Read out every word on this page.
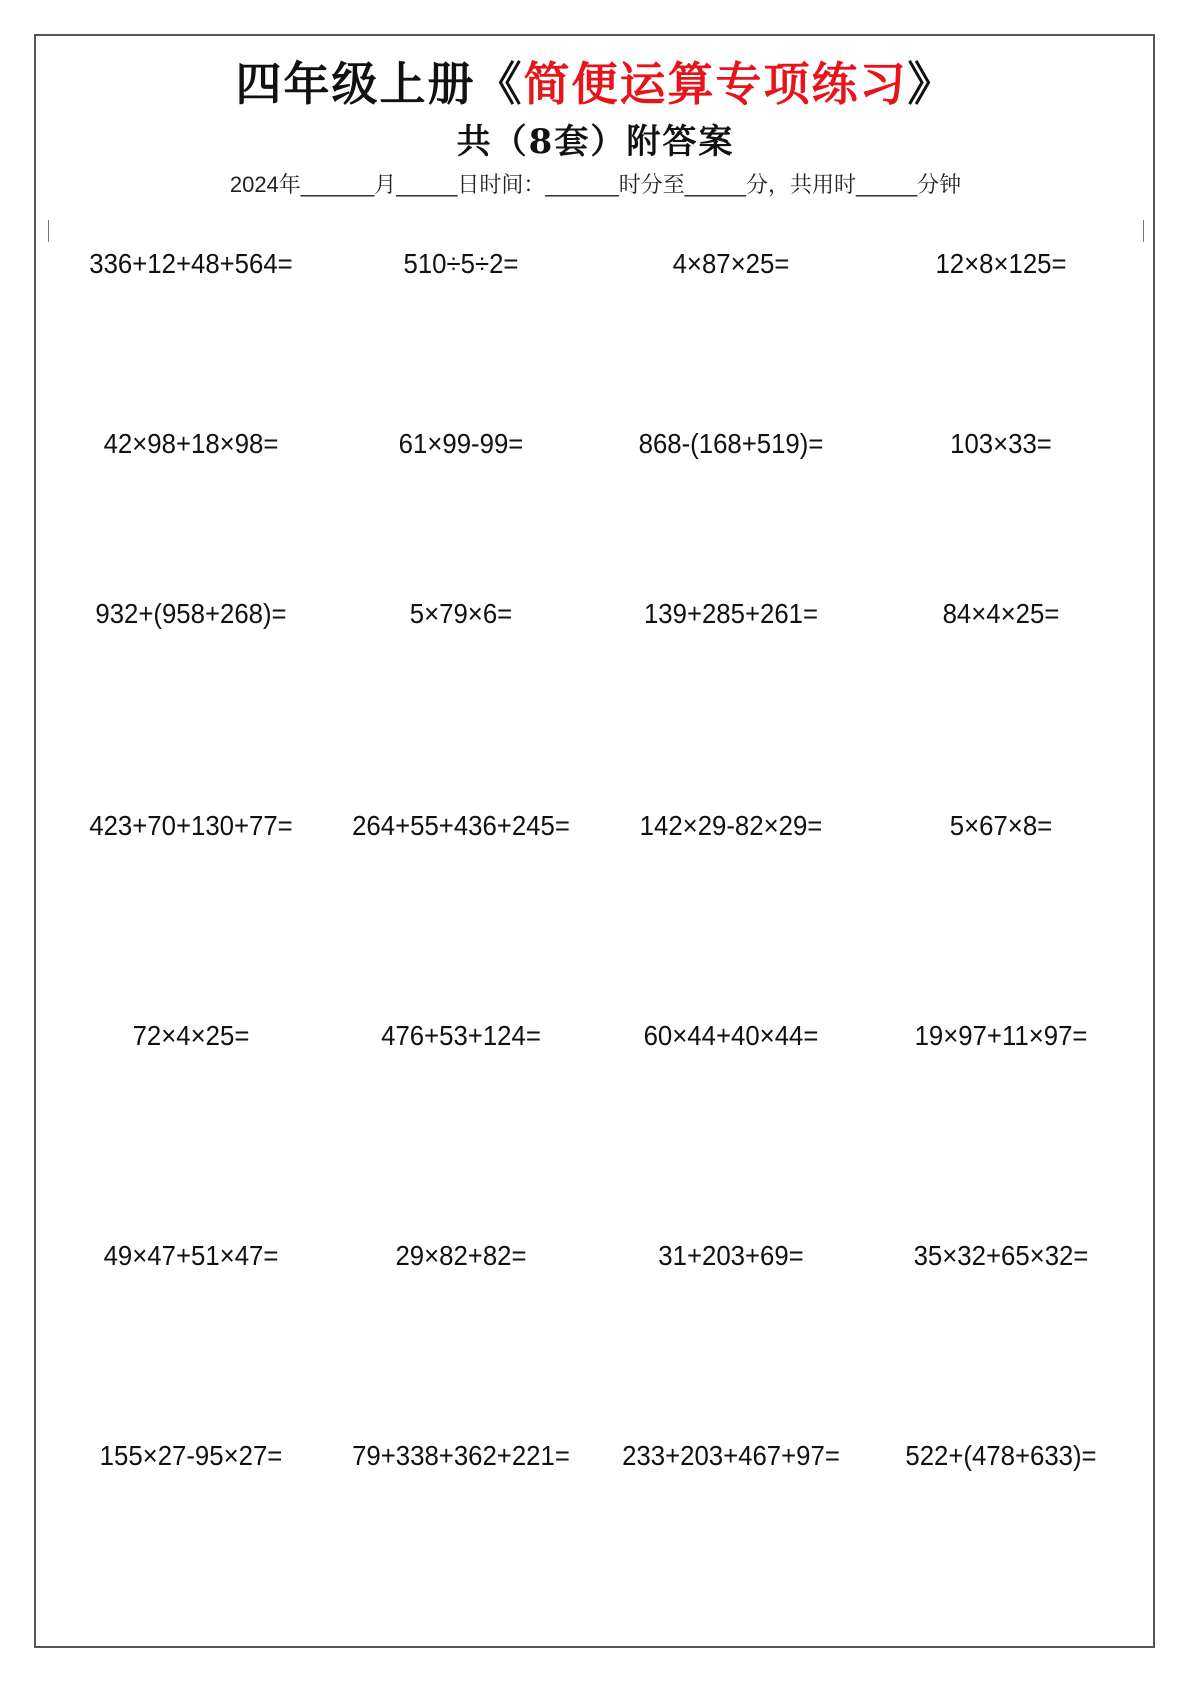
四年级上册《简便运算专项练习》
共（8套）附答案
2024年______月_____日时间：______时分至_____分，共用时_____分钟
336+12+48+564=	510÷5÷2=	4×87×25=	12×8×125=
42×98+18×98=	61×99-99=	868-(168+519)=	103×33=
932+(958+268)=	5×79×6=	139+285+261=	84×4×25=
423+70+130+77=	264+55+436+245=	142×29-82×29=	5×67×8=
72×4×25=	476+53+124=	60×44+40×44=	19×97+11×97=
49×47+51×47=	29×82+82=	31+203+69=	35×32+65×32=
155×27-95×27=	79+338+362+221=	233+203+467+97=	522+(478+633)=
